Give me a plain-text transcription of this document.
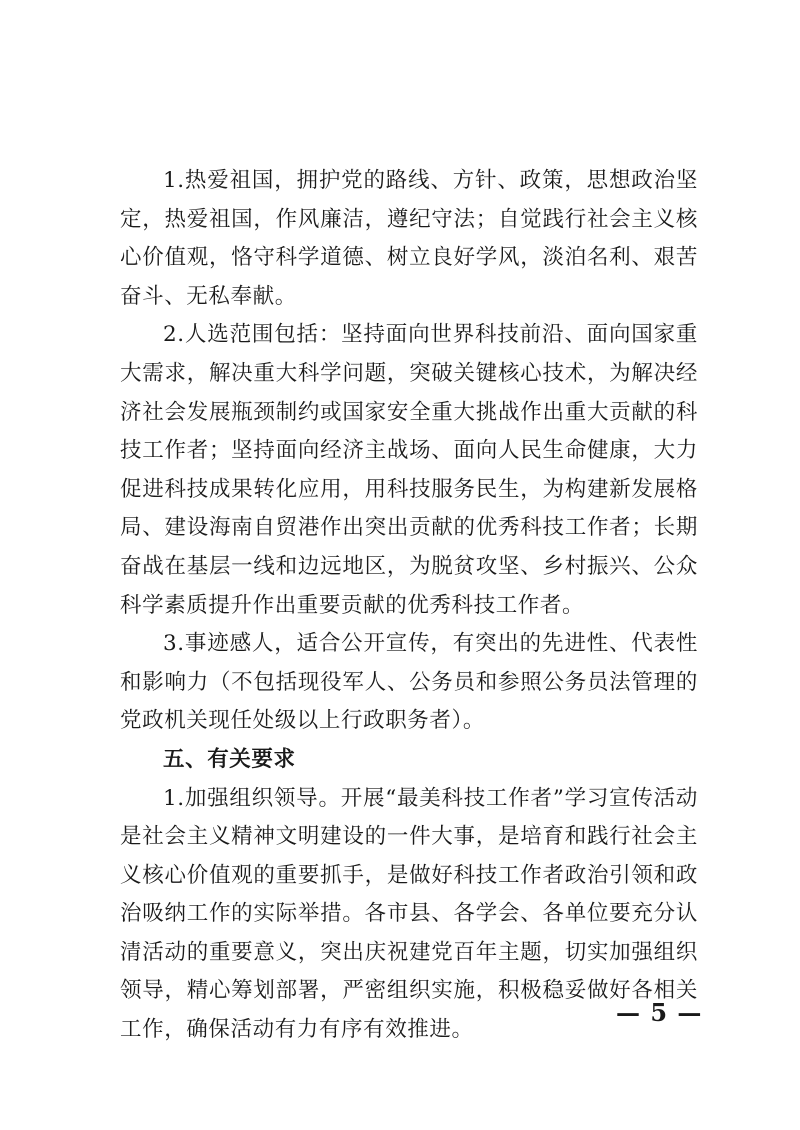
1.热爱祖国，拥护党的路线、方针、政策，思想政治坚定，热爱祖国，作风廉洁，遵纪守法；自觉践行社会主义核心价值观，恪守科学道德、树立良好学风，淡泊名利、艰苦奋斗、无私奉献。

2.人选范围包括：坚持面向世界科技前沿、面向国家重大需求，解决重大科学问题，突破关键核心技术，为解决经济社会发展瓶颈制约或国家安全重大挑战作出重大贡献的科技工作者；坚持面向经济主战场、面向人民生命健康，大力促进科技成果转化应用，用科技服务民生，为构建新发展格局、建设海南自贸港作出突出贡献的优秀科技工作者；长期奋战在基层一线和边远地区，为脱贫攻坚、乡村振兴、公众科学素质提升作出重要贡献的优秀科技工作者。

3.事迹感人，适合公开宣传，有突出的先进性、代表性和影响力（不包括现役军人、公务员和参照公务员法管理的党政机关现任处级以上行政职务者）。

五、有关要求

1.加强组织领导。开展“最美科技工作者”学习宣传活动是社会主义精神文明建设的一件大事，是培育和践行社会主义核心价值观的重要抓手，是做好科技工作者政治引领和政治吸纳工作的实际举措。各市县、各学会、各单位要充分认清活动的重要意义，突出庆祝建党百年主题，切实加强组织领导，精心筹划部署，严密组织实施，积极稳妥做好各相关工作，确保活动有力有序有效推进。

— 5 —
